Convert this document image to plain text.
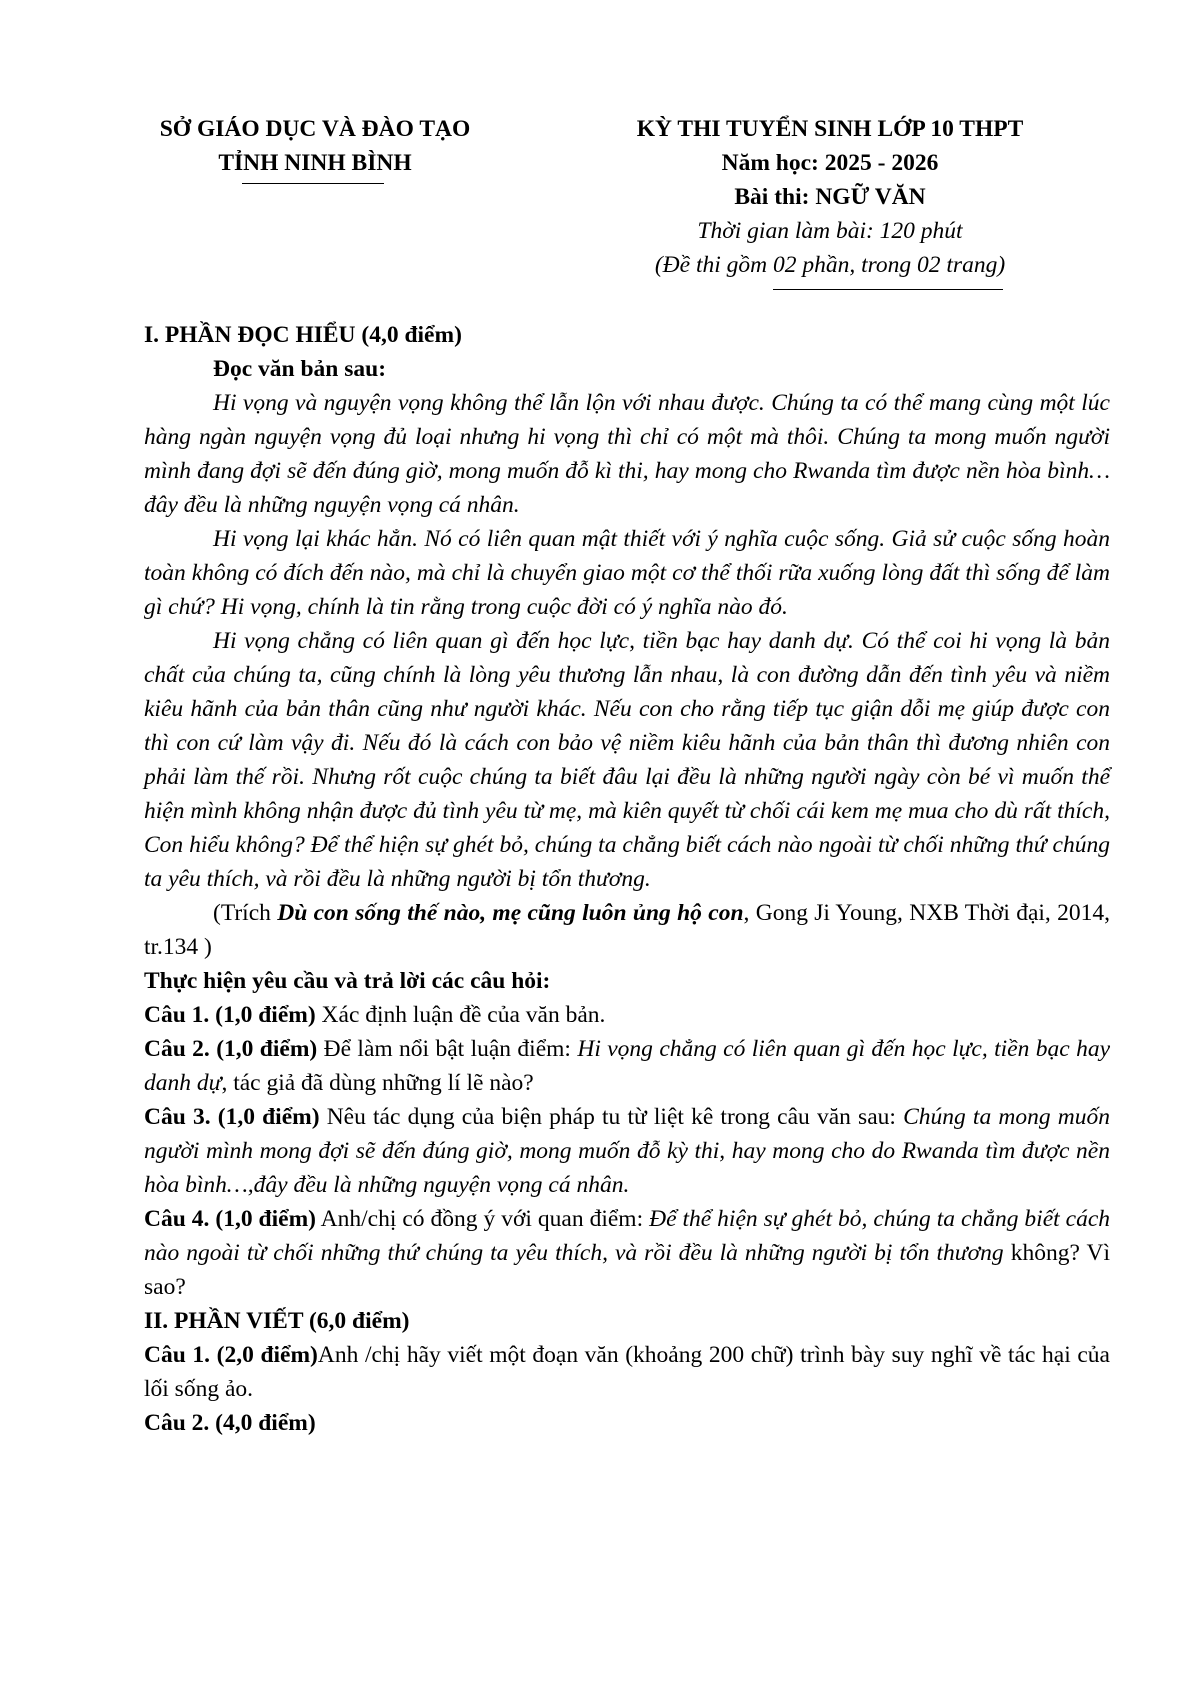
SỞ GIÁO DỤC VÀ ĐÀO TẠO
TỈNH NINH BÌNH
KỲ THI TUYỂN SINH LỚP 10 THPT
Năm học: 2025 - 2026
Bài thi: NGỮ VĂN
Thời gian làm bài: 120 phút
(Đề thi gồm 02 phần, trong 02 trang)

I. PHẦN ĐỌC HIỂU (4,0 điểm)

Đọc văn bản sau:

Hi vọng và nguyện vọng không thể lẫn lộn với nhau được. Chúng ta có thể mang cùng một lúc hàng ngàn nguyện vọng đủ loại nhưng hi vọng thì chỉ có một mà thôi. Chúng ta mong muốn người mình đang đợi sẽ đến đúng giờ, mong muốn đỗ kì thi, hay mong cho Rwanda tìm được nền hòa bình… đây đều là những nguyện vọng cá nhân.

Hi vọng lại khác hẳn. Nó có liên quan mật thiết với ý nghĩa cuộc sống. Giả sử cuộc sống hoàn toàn không có đích đến nào, mà chỉ là chuyển giao một cơ thể thối rữa xuống lòng đất thì sống để làm gì chứ? Hi vọng, chính là tin rằng trong cuộc đời có ý nghĩa nào đó.

Hi vọng chẳng có liên quan gì đến học lực, tiền bạc hay danh dự. Có thể coi hi vọng là bản chất của chúng ta, cũng chính là lòng yêu thương lẫn nhau, là con đường dẫn đến tình yêu và niềm kiêu hãnh của bản thân cũng như người khác. Nếu con cho rằng tiếp tục giận dỗi mẹ giúp được con thì con cứ làm vậy đi. Nếu đó là cách con bảo vệ niềm kiêu hãnh của bản thân thì đương nhiên con phải làm thế rồi. Nhưng rốt cuộc chúng ta biết đâu lại đều là những người ngày còn bé vì muốn thể hiện mình không nhận được đủ tình yêu từ mẹ, mà kiên quyết từ chối cái kem mẹ mua cho dù rất thích, Con hiểu không? Để thể hiện sự ghét bỏ, chúng ta chẳng biết cách nào ngoài từ chối những thứ chúng ta yêu thích, và rồi đều là những người bị tổn thương.

(Trích Dù con sống thế nào, mẹ cũng luôn ủng hộ con, Gong Ji Young, NXB Thời đại, 2014, tr.134 )

Thực hiện yêu cầu và trả lời các câu hỏi:

Câu 1. (1,0 điểm) Xác định luận đề của văn bản.

Câu 2. (1,0 điểm) Để làm nổi bật luận điểm: Hi vọng chẳng có liên quan gì đến học lực, tiền bạc hay danh dự, tác giả đã dùng những lí lẽ nào?

Câu 3. (1,0 điểm) Nêu tác dụng của biện pháp tu từ liệt kê trong câu văn sau: Chúng ta mong muốn người mình mong đợi sẽ đến đúng giờ, mong muốn đỗ kỳ thi, hay mong cho do Rwanda tìm được nền hòa bình…,đây đều là những nguyện vọng cá nhân.

Câu 4. (1,0 điểm) Anh/chị có đồng ý với quan điểm: Để thể hiện sự ghét bỏ, chúng ta chẳng biết cách nào ngoài từ chối những thứ chúng ta yêu thích, và rồi đều là những người bị tổn thương không? Vì sao?

II. PHẦN VIẾT (6,0 điểm)

Câu 1. (2,0 điểm)Anh /chị hãy viết một đoạn văn (khoảng 200 chữ) trình bày suy nghĩ về tác hại của lối sống ảo.

Câu 2. (4,0 điểm)
